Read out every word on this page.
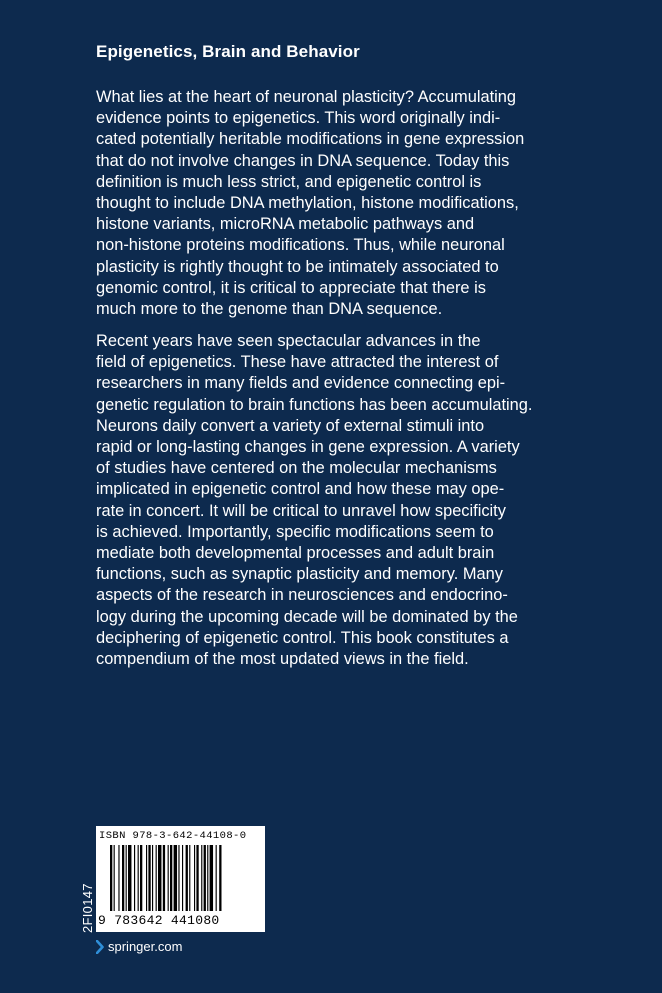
Epigenetics, Brain and Behavior
What lies at the heart of neuronal plasticity? Accumulating
evidence points to epigenetics. This word originally indi-
cated potentially heritable modifications in gene expression
that do not involve changes in DNA sequence. Today this
definition is much less strict, and epigenetic control is
thought to include DNA methylation, histone modifications,
histone variants, microRNA metabolic pathways and
non-histone proteins modifications. Thus, while neuronal
plasticity is rightly thought to be intimately associated to
genomic control, it is critical to appreciate that there is
much more to the genome than DNA sequence.
Recent years have seen spectacular advances in the
field of epigenetics. These have attracted the interest of
researchers in many fields and evidence connecting epi-
genetic regulation to brain functions has been accumulating.
Neurons daily convert a variety of external stimuli into
rapid or long-lasting changes in gene expression. A variety
of studies have centered on the molecular mechanisms
implicated in epigenetic control and how these may ope-
rate in concert. It will be critical to unravel how specificity
is achieved. Importantly, specific modifications seem to
mediate both developmental processes and adult brain
functions, such as synaptic plasticity and memory. Many
aspects of the research in neurosciences and endocrino-
logy during the upcoming decade will be dominated by the
deciphering of epigenetic control. This book constitutes a
compendium of the most updated views in the field.
ISBN 978-3-642-44108-0
9 783642 441080
2FI0147
springer.com
